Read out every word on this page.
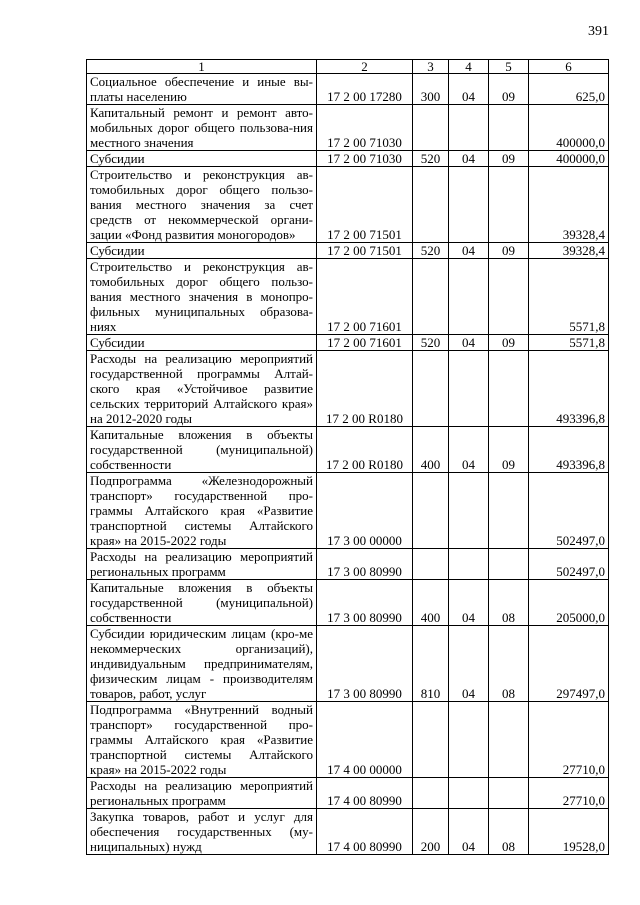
391
1	2	3	4	5	6
Социальное обеспечение и иные вы-платы населению	17 2 00 17280	300	04	09	625,0
Капитальный ремонт и ремонт авто-мобильных дорог общего пользова-ния местного значения	17 2 00 71030				400000,0
Субсидии	17 2 00 71030	520	04	09	400000,0
Строительство и реконструкция ав-томобильных дорог общего пользо-вания местного значения за счет средств от некоммерческой органи-зации «Фонд развития моногородов»	17 2 00 71501				39328,4
Субсидии	17 2 00 71501	520	04	09	39328,4
Строительство и реконструкция ав-томобильных дорог общего пользо-вания местного значения в монопро-фильных муниципальных образова-ниях	17 2 00 71601				5571,8
Субсидии	17 2 00 71601	520	04	09	5571,8
Расходы на реализацию мероприятий государственной программы Алтай-ского края «Устойчивое развитие сельских территорий Алтайского края» на 2012-2020 годы	17 2 00 R0180				493396,8
Капитальные вложения в объекты государственной (муниципальной) собственности	17 2 00 R0180	400	04	09	493396,8
Подпрограмма «Железнодорожный транспорт» государственной про-граммы Алтайского края «Развитие транспортной системы Алтайского края» на 2015-2022 годы	17 3 00 00000				502497,0
Расходы на реализацию мероприятий региональных программ	17 3 00 80990				502497,0
Капитальные вложения в объекты государственной (муниципальной) собственности	17 3 00 80990	400	04	08	205000,0
Субсидии юридическим лицам (кро-ме некоммерческих организаций), индивидуальным предпринимателям, физическим лицам - производителям товаров, работ, услуг	17 3 00 80990	810	04	08	297497,0
Подпрограмма «Внутренний водный транспорт» государственной про-граммы Алтайского края «Развитие транспортной системы Алтайского края» на 2015-2022 годы	17 4 00 00000				27710,0
Расходы на реализацию мероприятий региональных программ	17 4 00 80990				27710,0
Закупка товаров, работ и услуг для обеспечения государственных (му-ниципальных) нужд	17 4 00 80990	200	04	08	19528,0
